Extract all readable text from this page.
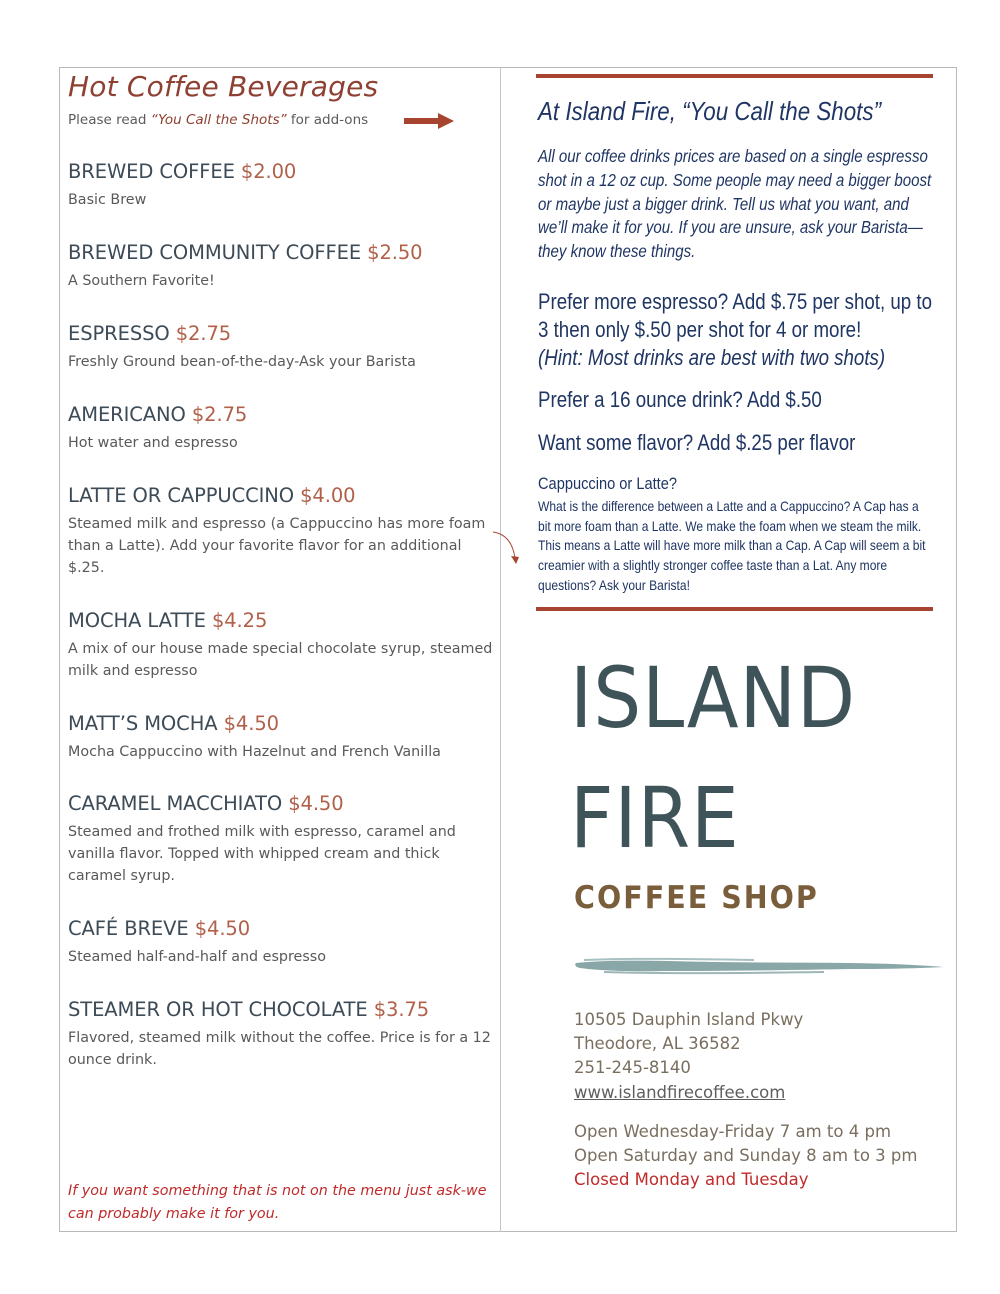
Hot Coffee Beverages
Please read “You Call the Shots” for add-ons
BREWED COFFEE $2.00
Basic Brew
BREWED COMMUNITY COFFEE $2.50
A Southern Favorite!
ESPRESSO $2.75
Freshly Ground bean-of-the-day-Ask your Barista
AMERICANO $2.75
Hot water and espresso
LATTE OR CAPPUCCINO $4.00
Steamed milk and espresso (a Cappuccino has more foam than a Latte). Add your favorite flavor for an additional $.25.
MOCHA LATTE $4.25
A mix of our house made special chocolate syrup, steamed milk and espresso
MATT’S MOCHA $4.50
Mocha Cappuccino with Hazelnut and French Vanilla
CARAMEL MACCHIATO $4.50
Steamed and frothed milk with espresso, caramel and vanilla flavor. Topped with whipped cream and thick caramel syrup.
CAFÉ BREVE $4.50
Steamed half-and-half and espresso
STEAMER OR HOT CHOCOLATE $3.75
Flavored, steamed milk without the coffee. Price is for a 12 ounce drink.
If you want something that is not on the menu just ask-we can probably make it for you.
At Island Fire, “You Call the Shots”
All our coffee drinks prices are based on a single espresso shot in a 12 oz cup. Some people may need a bigger boost or maybe just a bigger drink. Tell us what you want, and we’ll make it for you. If you are unsure, ask your Barista—they know these things.
Prefer more espresso? Add $.75 per shot, up to 3 then only $.50 per shot for 4 or more!
(Hint: Most drinks are best with two shots)
Prefer a 16 ounce drink? Add $.50
Want some flavor? Add $.25 per flavor
Cappuccino or Latte?
What is the difference between a Latte and a Cappuccino? A Cap has a bit more foam than a Latte. We make the foam when we steam the milk. This means a Latte will have more milk than a Cap. A Cap will seem a bit creamier with a slightly stronger coffee taste than a Lat. Any more questions? Ask your Barista!
ISLAND
FIRE
COFFEE SHOP
10505 Dauphin Island Pkwy
Theodore, AL 36582
251-245-8140
www.islandfirecoffee.com
Open Wednesday-Friday 7 am to 4 pm
Open Saturday and Sunday 8 am to 3 pm
Closed Monday and Tuesday
